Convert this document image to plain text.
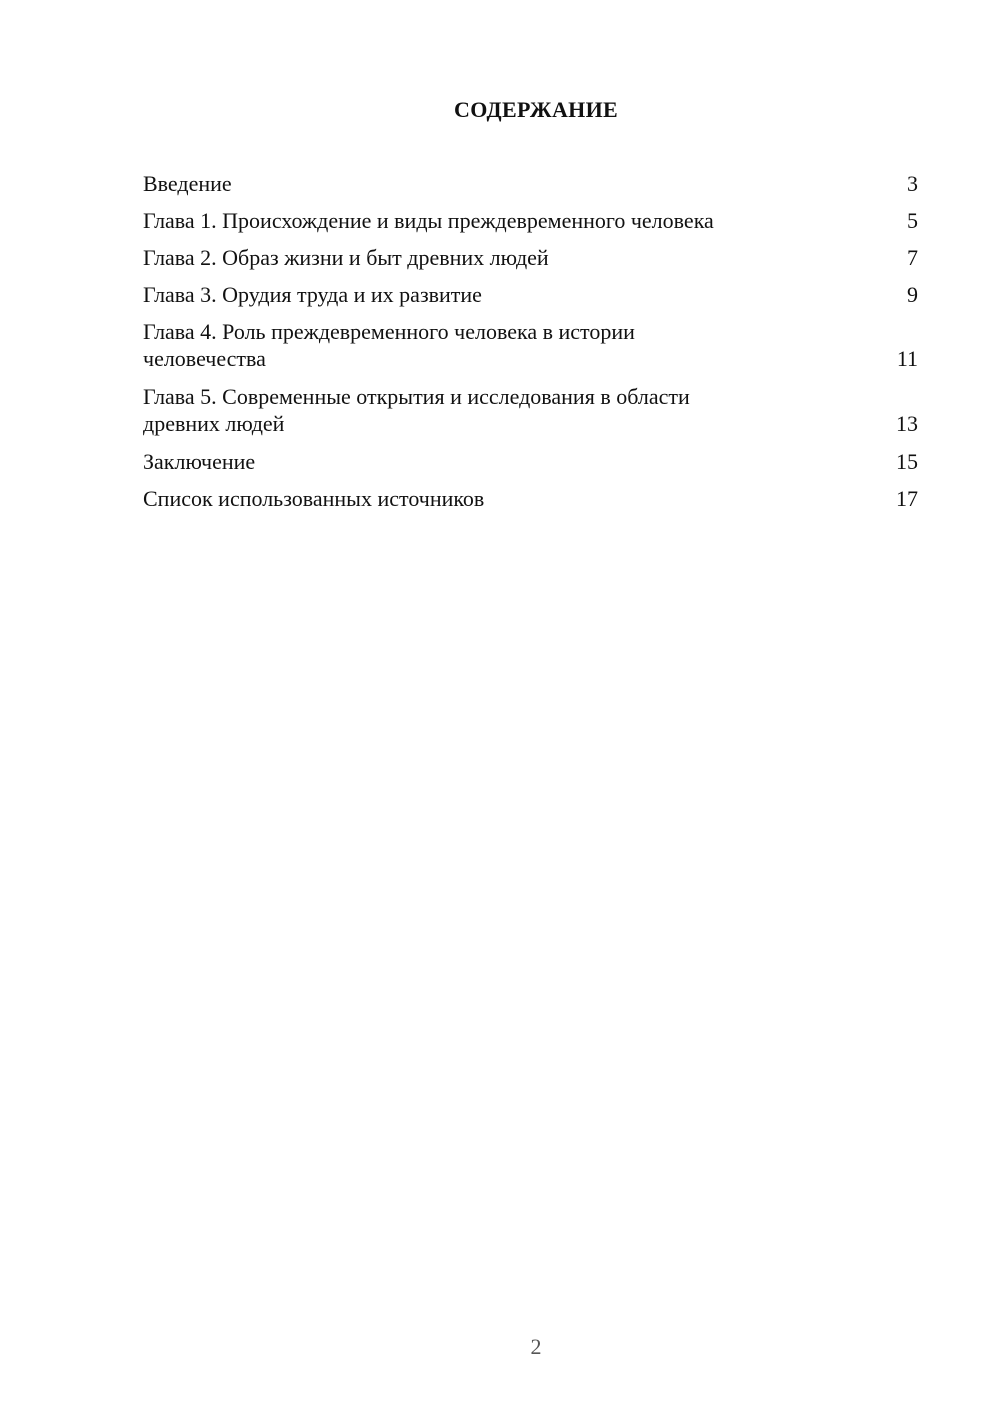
СОДЕРЖАНИЕ
Введение	3
Глава 1. Происхождение и виды преждевременного человека	5
Глава 2. Образ жизни и быт древних людей	7
Глава 3. Орудия труда и их развитие	9
Глава 4. Роль преждевременного человека в истории
человечества	11
Глава 5. Современные открытия и исследования в области
древних людей	13
Заключение	15
Список использованных источников	17
2
